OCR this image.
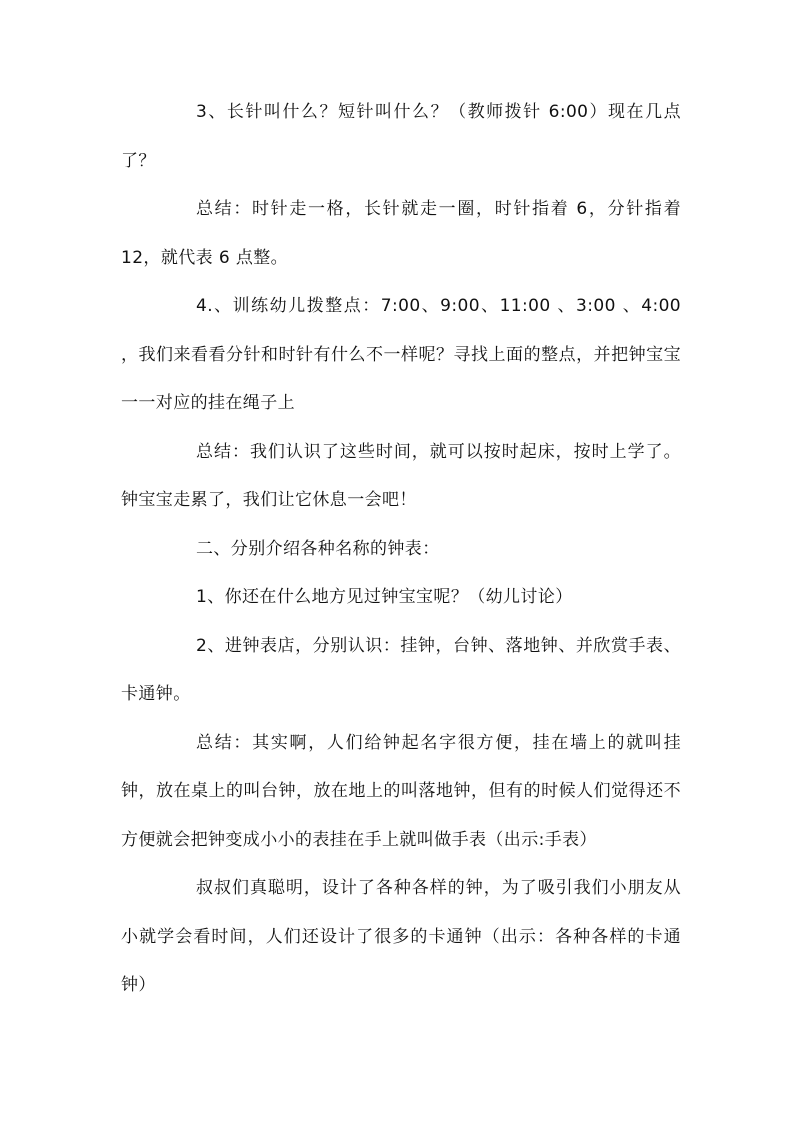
3、长针叫什么？短针叫什么？（教师拨针 6:00）现在几点了？

总结：时针走一格，长针就走一圈，时针指着 6，分针指着 12，就代表 6 点整。

4.、训练幼儿拨整点：7:00、9:00、11:00 、3:00 、4:00 ，我们来看看分针和时针有什么不一样呢？寻找上面的整点，并把钟宝宝一一对应的挂在绳子上

总结：我们认识了这些时间，就可以按时起床，按时上学了。钟宝宝走累了，我们让它休息一会吧！

二、分别介绍各种名称的钟表：

1、你还在什么地方见过钟宝宝呢？（幼儿讨论）

2、进钟表店，分别认识：挂钟，台钟、落地钟、并欣赏手表、卡通钟。

总结：其实啊，人们给钟起名字很方便，挂在墙上的就叫挂钟，放在桌上的叫台钟，放在地上的叫落地钟，但有的时候人们觉得还不方便就会把钟变成小小的表挂在手上就叫做手表（出示:手表）

叔叔们真聪明，设计了各种各样的钟，为了吸引我们小朋友从小就学会看时间，人们还设计了很多的卡通钟（出示：各种各样的卡通钟）
